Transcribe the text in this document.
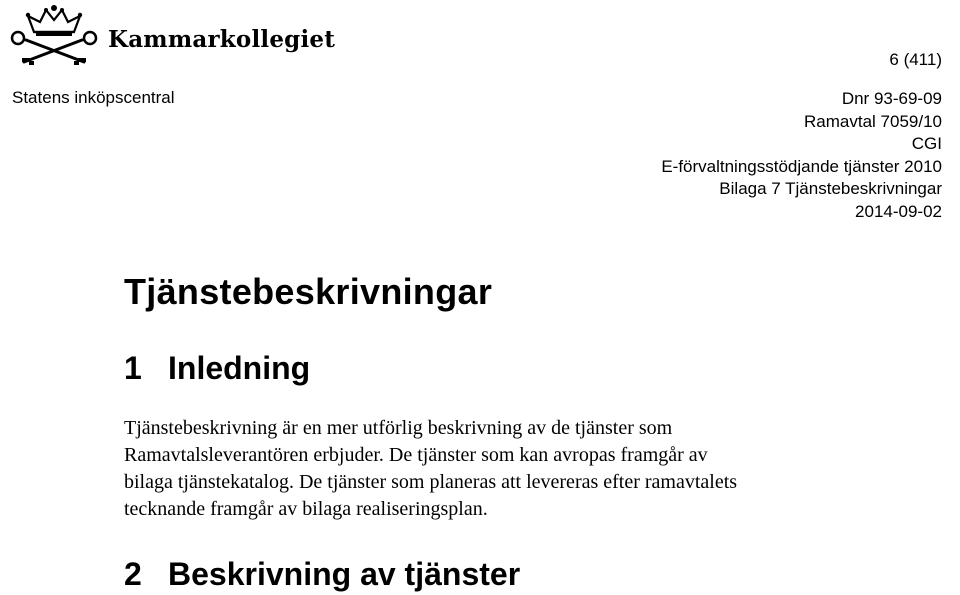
Kammarkollegiet
6 (411)
Statens inköpscentral	Dnr 93-69-09
Ramavtal 7059/10
CGI
E-förvaltningsstödjande tjänster 2010
Bilaga 7 Tjänstebeskrivningar
2014-09-02
Tjänstebeskrivningar
1 Inledning
Tjänstebeskrivning är en mer utförlig beskrivning av de tjänster som
Ramavtalsleverantören erbjuder. De tjänster som kan avropas framgår av
bilaga tjänstekatalog. De tjänster som planeras att levereras efter ramavtalets
tecknande framgår av bilaga realiseringsplan.
2 Beskrivning av tjänster
